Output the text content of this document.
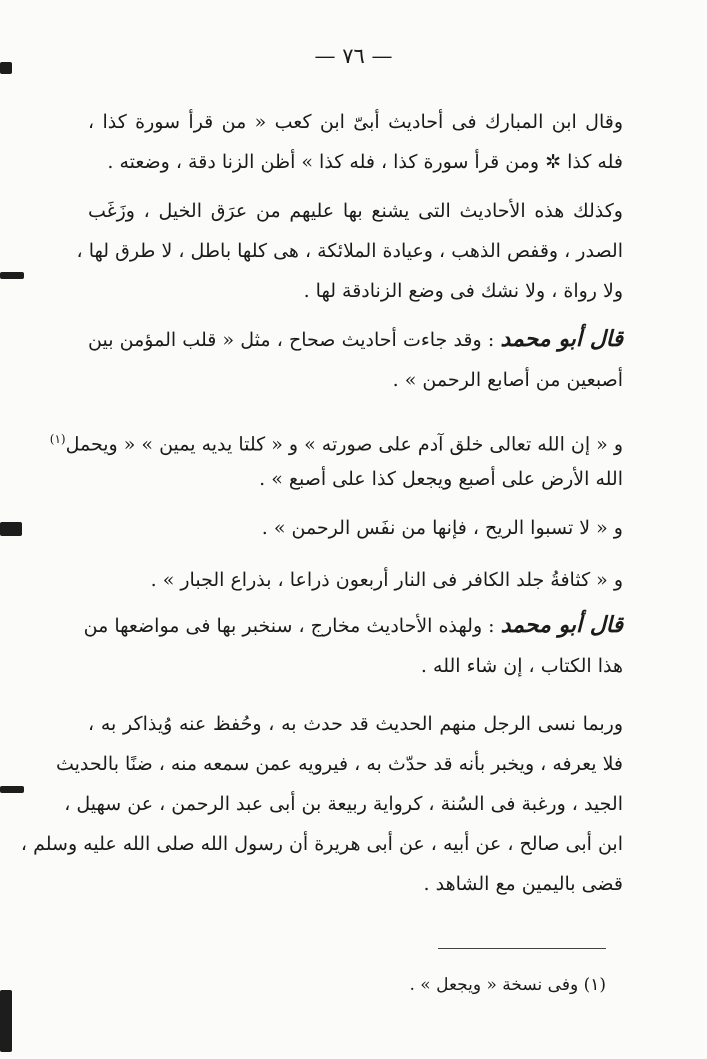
— ٧٦ —
وقال ابن المبارك فى أحاديث أبىّ ابن كعب « من قرأ سورة كذا ،
فله كذا ✲ ومن قرأ سورة كذا ، فله كذا » أظن الزنا دقة ، وضعته .
وكذلك هذه الأحاديث التى يشنع بها عليهم من عرَق الخيل ، وزَغَب
الصدر ، وقفص الذهب ، وعيادة الملائكة ، هى كلها باطل ، لا طرق لها ،
ولا رواة ، ولا نشك فى وضع الزنادقة لها .
قال أبو محمد : وقد جاءت أحاديث صحاح ، مثل « قلب المؤمن بين
أصبعين من أصابع الرحمن » .
و « إن الله تعالى خلق آدم على صورته » و « كلتا يديه يمين » « ويحمل$^{(١)}$
الله الأرض على أصبع ويجعل كذا على أصبع » .
و « لا تسبوا الريح ، فإنها من نفَس الرحمن » .
و « كثافةُ جلد الكافر فى النار أربعون ذراعا ، بذراع الجبار » .
قال أبو محمد : ولهذه الأحاديث مخارج ، سنخبر بها فى مواضعها من
هذا الكتاب ، إن شاء الله .
وربما نسى الرجل منهم الحديث قد حدث به ، وحُفظ عنه وُيذاكر به ،
فلا يعرفه ، ويخبر بأنه قد حدّث به ، فيرويه عمن سمعه منه ، ضنًا بالحديث
الجيد ، ورغبة فى السُنة ، كرواية ربيعة بن أبى عبد الرحمن ، عن سهيل ،
ابن أبى صالح ، عن أبيه ، عن أبى هريرة أن رسول الله صلى الله عليه وسلم ،
قضى باليمين مع الشاهد .
(١) وفى نسخة « ويجعل » .
